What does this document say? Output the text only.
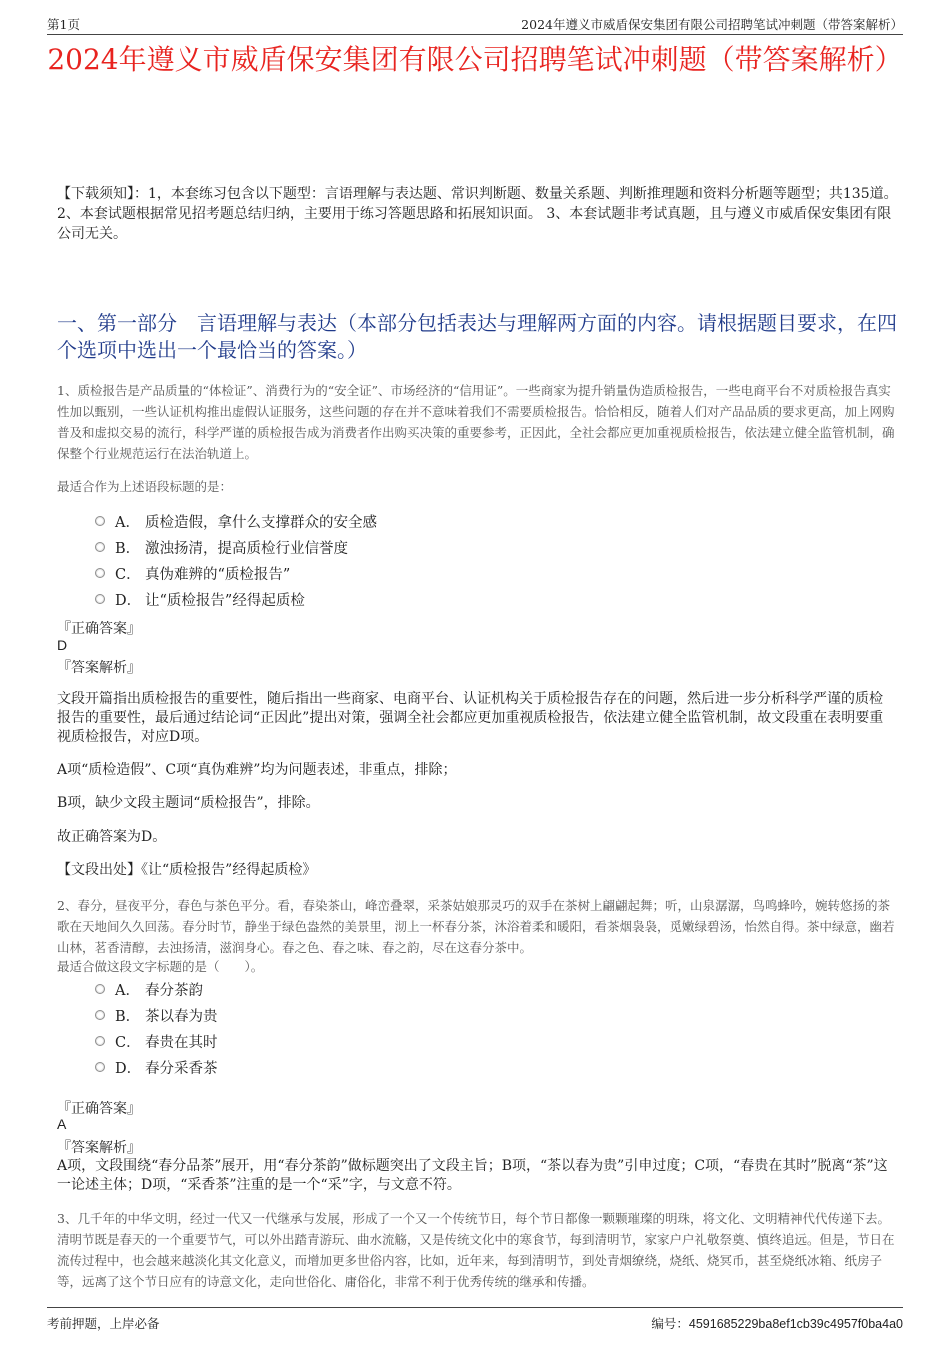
第1页	2024年遵义市威盾保安集团有限公司招聘笔试冲刺题（带答案解析）
2024年遵义市威盾保安集团有限公司招聘笔试冲刺题（带答案解析）

【下载须知】：1，本套练习包含以下题型：言语理解与表达题、常识判断题、数量关系题、判断推理题和资料分析题等题型；共135道。 2、本套试题根据常见招考题总结归纳，主要用于练习答题思路和拓展知识面。 3、本套试题非考试真题，且与遵义市威盾保安集团有限公司无关。

一、第一部分　言语理解与表达（本部分包括表达与理解两方面的内容。请根据题目要求，在四个选项中选出一个最恰当的答案。）

1、质检报告是产品质量的“体检证”、消费行为的“安全证”、市场经济的“信用证”。一些商家为提升销量伪造质检报告，一些电商平台不对质检报告真实性加以甄别，一些认证机构推出虚假认证服务，这些问题的存在并不意味着我们不需要质检报告。恰恰相反，随着人们对产品品质的要求更高，加上网购普及和虚拟交易的流行，科学严谨的质检报告成为消费者作出购买决策的重要参考，正因此，全社会都应更加重视质检报告，依法建立健全监管机制，确保整个行业规范运行在法治轨道上。

最适合作为上述语段标题的是：

A． 质检造假，拿什么支撑群众的安全感
B． 激浊扬清，提高质检行业信誉度
C． 真伪难辨的“质检报告”
D． 让“质检报告”经得起质检

『正确答案』

D

『答案解析』

文段开篇指出质检报告的重要性，随后指出一些商家、电商平台、认证机构关于质检报告存在的问题，然后进一步分析科学严谨的质检报告的重要性，最后通过结论词“正因此”提出对策，强调全社会都应更加重视质检报告，依法建立健全监管机制，故文段重在表明要重视质检报告，对应D项。

A项“质检造假”、C项“真伪难辨”均为问题表述，非重点，排除；

B项，缺少文段主题词“质检报告”，排除。

故正确答案为D。

【文段出处】《让“质检报告”经得起质检》

2、春分，昼夜平分，春色与茶色平分。看，春染茶山，峰峦叠翠，采茶姑娘那灵巧的双手在茶树上翩翩起舞；听，山泉潺潺，鸟鸣蜂吟，婉转悠扬的茶歌在天地间久久回荡。春分时节，静坐于绿色盎然的美景里，沏上一杯春分茶，沐浴着柔和暖阳，看茶烟袅袅，觅嫩绿碧汤，怡然自得。茶中绿意，幽若山林，茗香清醇，去浊扬清，滋润身心。春之色、春之味、春之韵，尽在这春分茶中。

最适合做这段文字标题的是（　　）。

A． 春分茶韵
B． 茶以春为贵
C． 春贵在其时
D． 春分采香茶

『正确答案』

A

『答案解析』

A项，文段围绕“春分品茶”展开，用“春分茶韵”做标题突出了文段主旨；B项，“茶以春为贵”引申过度；C项，“春贵在其时”脱离“茶”这一论述主体；D项，“采香茶”注重的是一个“采”字，与文意不符。

3、几千年的中华文明，经过一代又一代继承与发展，形成了一个又一个传统节日，每个节日都像一颗颗璀璨的明珠，将文化、文明精神代代传递下去。清明节既是春天的一个重要节气，可以外出踏青游玩、曲水流觞，又是传统文化中的寒食节，每到清明节，家家户户礼敬祭奠、慎终追远。但是，节日在流传过程中，也会越来越淡化其文化意义，而增加更多世俗内容，比如，近年来，每到清明节，到处青烟缭绕，烧纸、烧冥币，甚至烧纸冰箱、纸房子等，远离了这个节日应有的诗意文化，走向世俗化、庸俗化，非常不利于优秀传统的继承和传播。

考前押题，上岸必备	编号：4591685229ba8ef1cb39c4957f0ba4a0
